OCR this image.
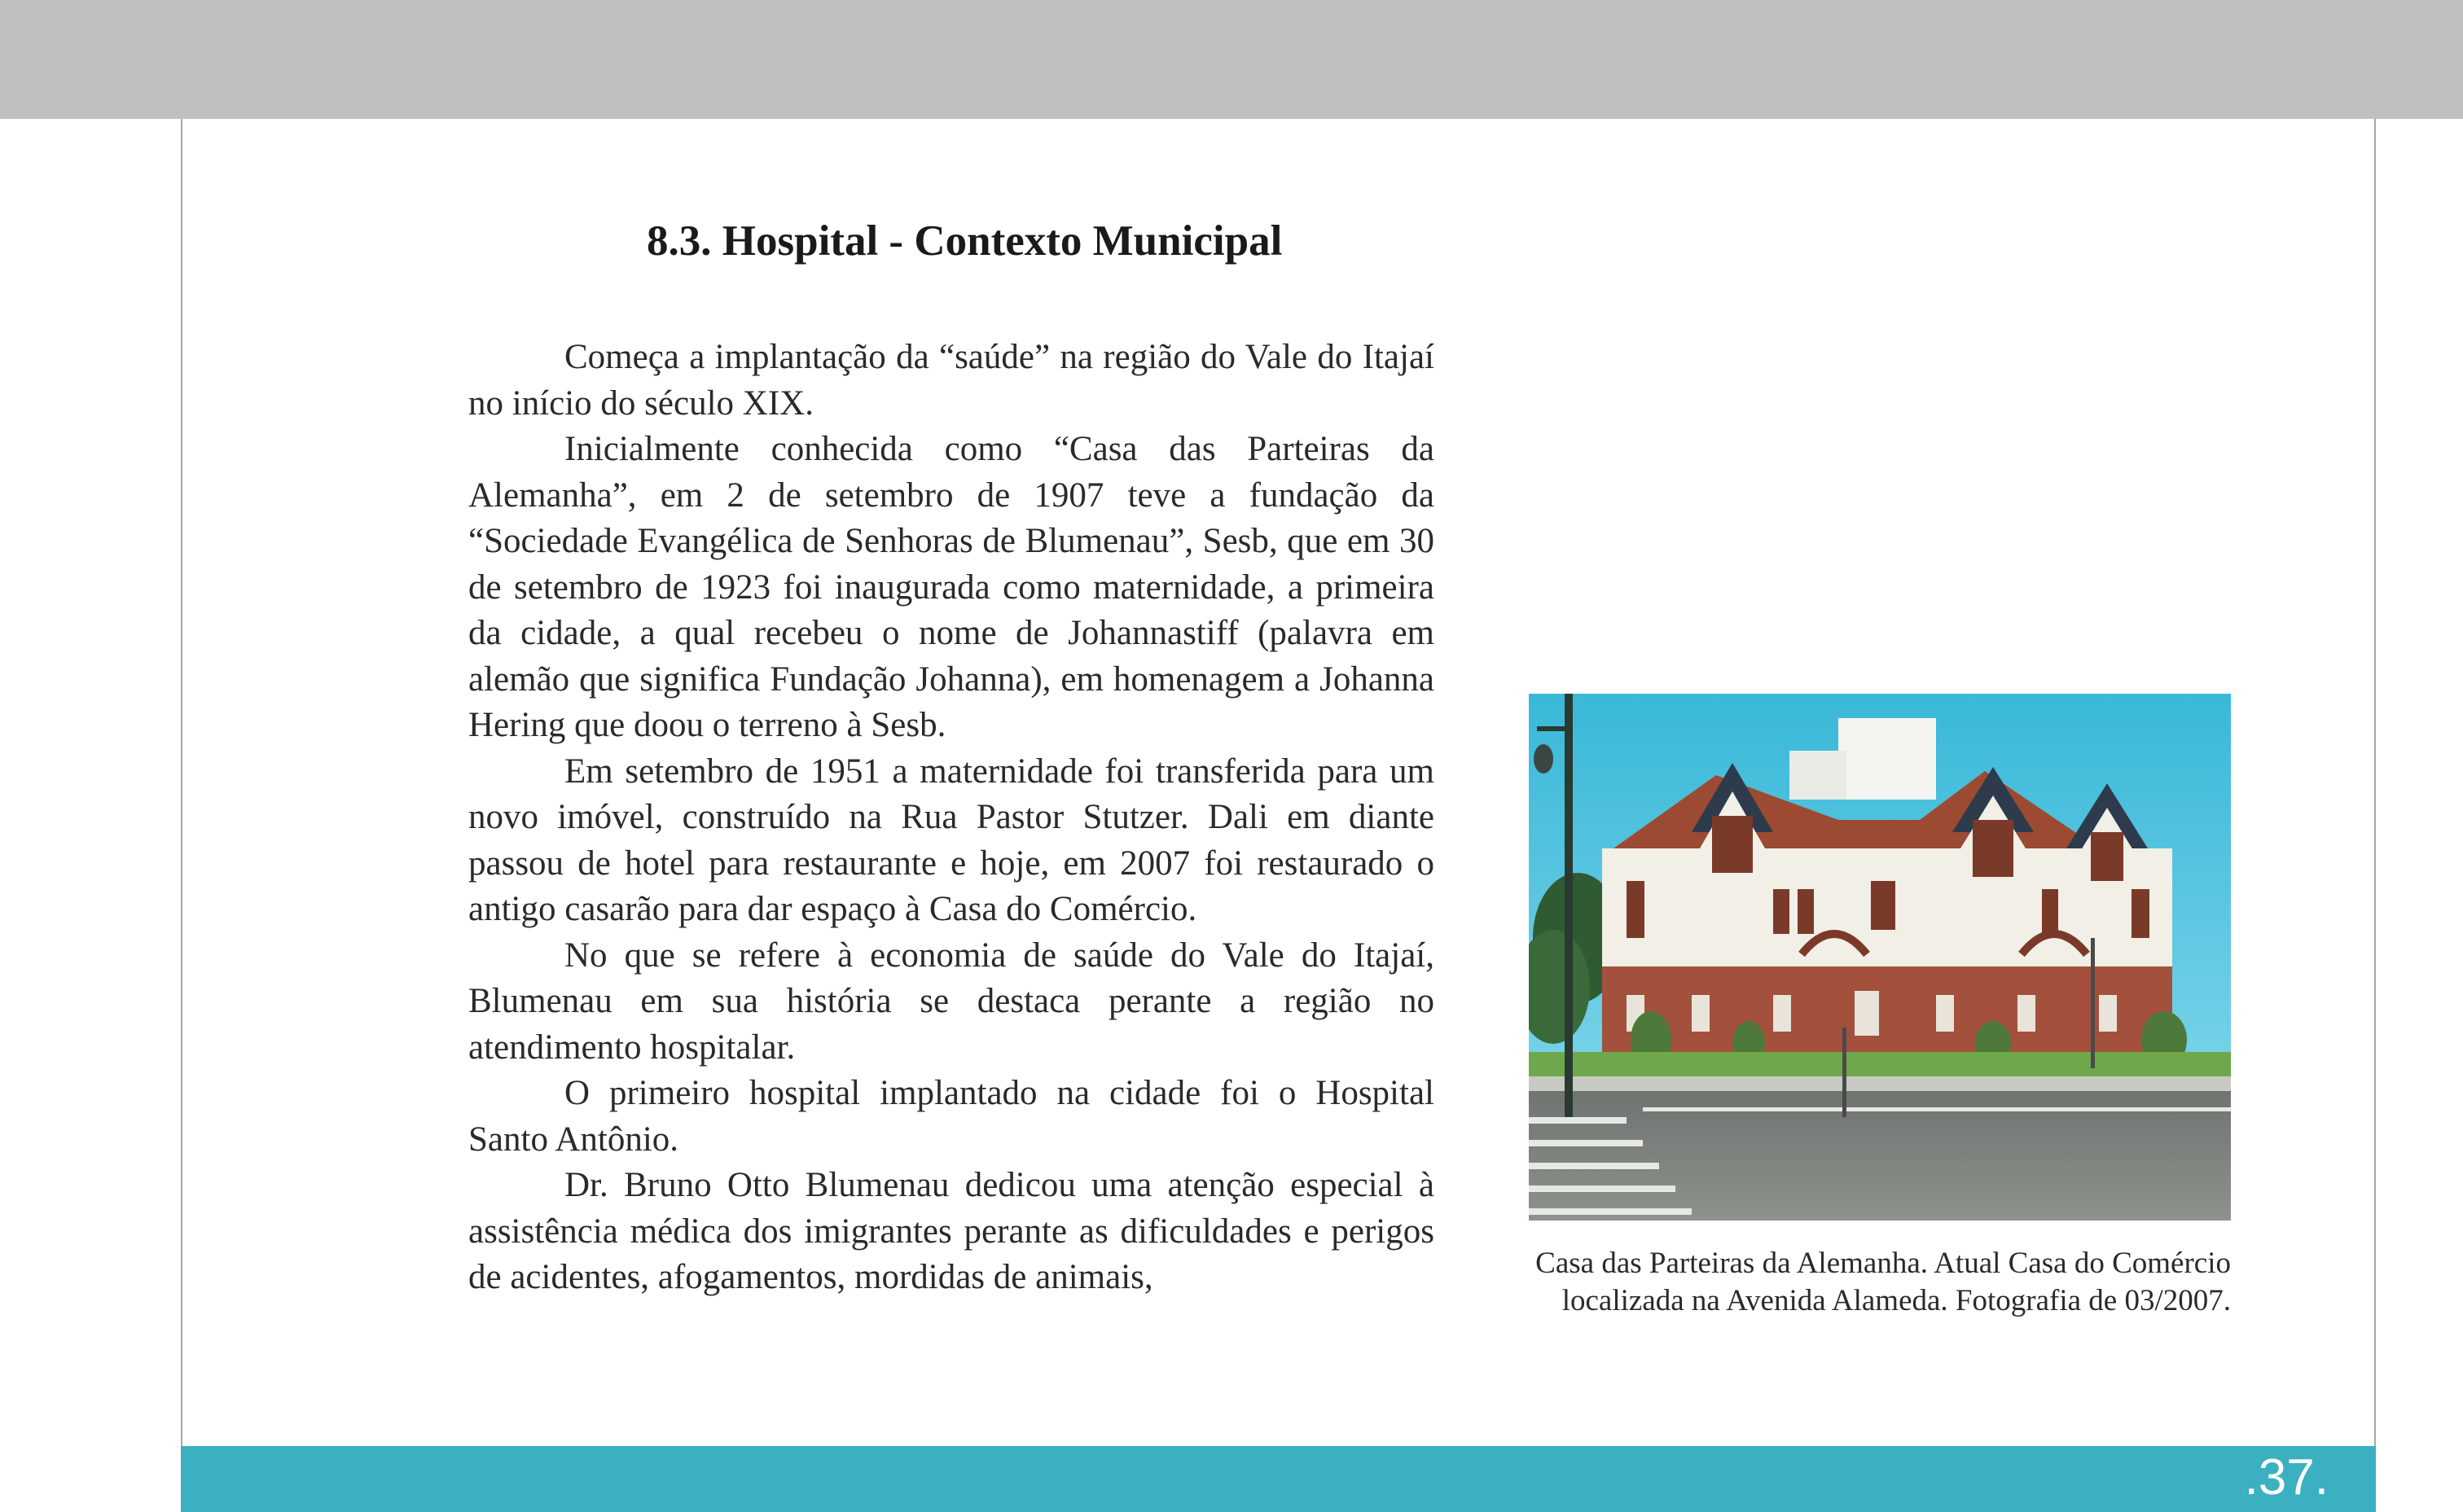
8.3. Hospital - Contexto Municipal

Começa a implantação da “saúde” na região do Vale do Itajaí no início do século XIX.

Inicialmente conhecida como “Casa das Parteiras da Alemanha”, em 2 de setembro de 1907 teve a fundação da “Sociedade Evangélica de Senhoras de Blumenau”, Sesb, que em 30 de setembro de 1923 foi inaugurada como maternidade, a primeira da cidade, a qual recebeu o nome de Johannastiff (palavra em alemão que significa Fundação Johanna), em homenagem a Johanna Hering que doou o terreno à Sesb.

Em setembro de 1951 a maternidade foi transferida para um novo imóvel, construído na Rua Pastor Stutzer. Dali em diante passou de hotel para restaurante e hoje, em 2007 foi restaurado o antigo casarão para dar espaço à Casa do Comércio.

No que se refere à economia de saúde do Vale do Itajaí, Blumenau em sua história se destaca perante a região no atendimento hospitalar.

O primeiro hospital implantado na cidade foi o Hospital Santo Antônio.

Dr. Bruno Otto Blumenau dedicou uma atenção especial à assistência médica dos imigrantes perante as dificuldades e perigos de acidentes, afogamentos, mordidas de animais,	Casa das Parteiras da Alemanha. Atual Casa do Comércio localizada na Avenida Alameda. Fotografia de 03/2007.
.37.
